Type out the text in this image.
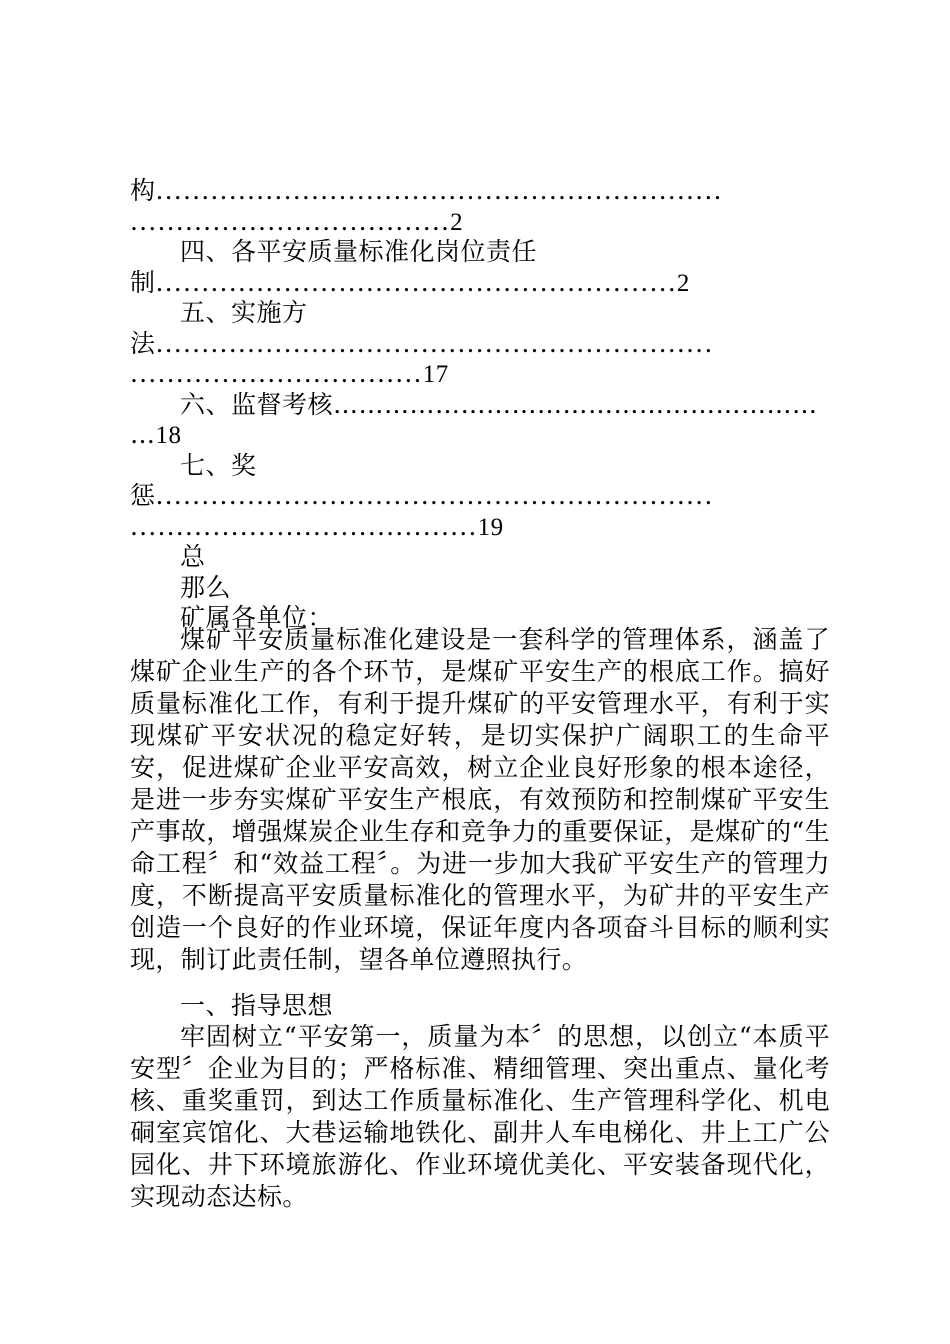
构..............................................................
...................................2
四、各平安质量标准化岗位责任
制.........................................................2
五、实施方
法.............................................................
................................17
六、监督考核…………………………………………………
…18
七、奖
惩.............................................................
......................................19
总
那么
矿属各单位：
煤矿平安质量标准化建设是一套科学的管理体系，涵盖了煤矿企业生产的各个环节，是煤矿平安生产的根底工作。搞好质量标准化工作，有利于提升煤矿的平安管理水平，有利于实现煤矿平安状况的稳定好转，是切实保护广阔职工的生命平安，促进煤矿企业平安高效，树立企业良好形象的根本途径，是进一步夯实煤矿平安生产根底，有效预防和控制煤矿平安生产事故，增强煤炭企业生存和竞争力的重要保证，是煤矿的“生命工程〞和“效益工程〞。为进一步加大我矿平安生产的管理力度，不断提高平安质量标准化的管理水平，为矿井的平安生产创造一个良好的作业环境，保证年度内各项奋斗目标的顺利实现，制订此责任制，望各单位遵照执行。
一、指导思想
牢固树立“平安第一，质量为本〞的思想，以创立“本质平安型〞企业为目的；严格标准、精细管理、突出重点、量化考核、重奖重罚，到达工作质量标准化、生产管理科学化、机电硐室宾馆化、大巷运输地铁化、副井人车电梯化、井上工广公园化、井下环境旅游化、作业环境优美化、平安装备现代化，实现动态达标。
